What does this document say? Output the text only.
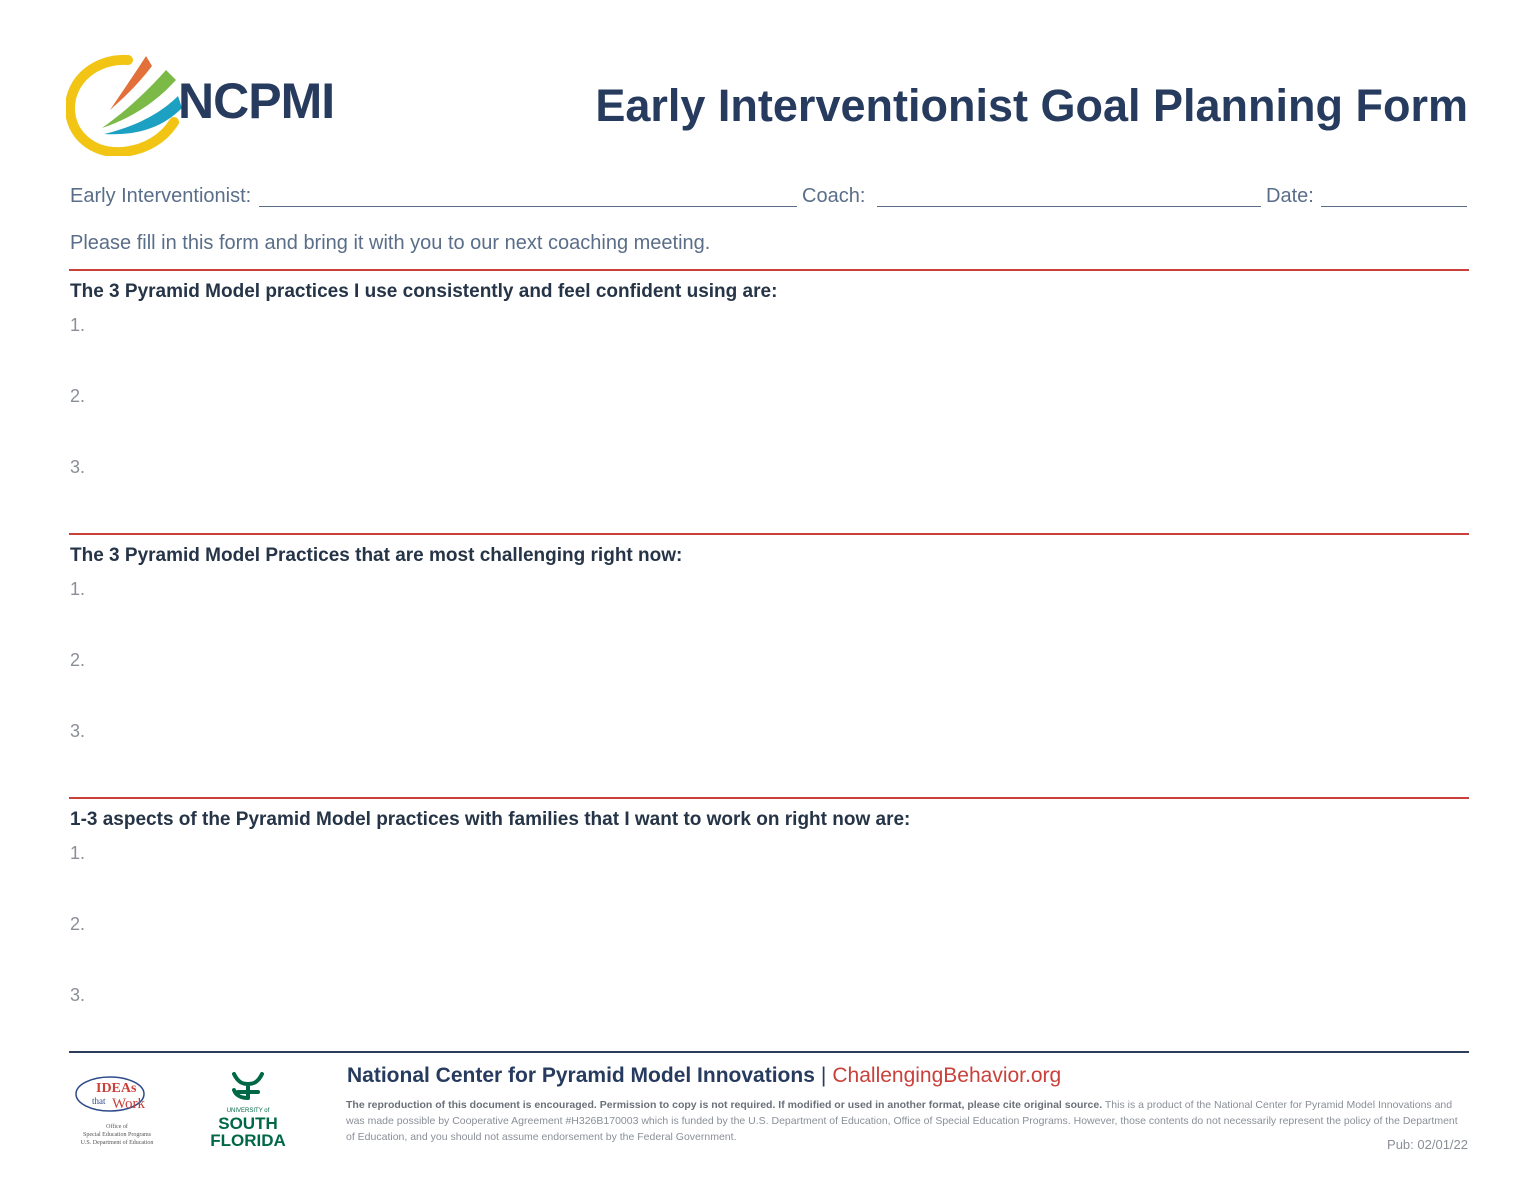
NCPMI	Early Interventionist Goal Planning Form
Early Interventionist:	Coach:	Date:
Please fill in this form and bring it with you to our next coaching meeting.
The 3 Pyramid Model practices I use consistently and feel confident using are:
1.
2.
3.
The 3 Pyramid Model Practices that are most challenging right now:
1.
2.
3.
1-3 aspects of the Pyramid Model practices with families that I want to work on right now are:
1.
2.
3.
IDEAs
that Work
Office of
Special Education Programs
U.S. Department of Education
UNIVERSITY of
SOUTH
FLORIDA
National Center for Pyramid Model Innovations | ChallengingBehavior.org
The reproduction of this document is encouraged. Permission to copy is not required. If modified or used in another format, please cite original source. This is a product of the National Center for Pyramid Model Innovations and was made possible by Cooperative Agreement #H326B170003 which is funded by the U.S. Department of Education, Office of Special Education Programs. However, those contents do not necessarily represent the policy of the Department of Education, and you should not assume endorsement by the Federal Government.	Pub: 02/01/22
